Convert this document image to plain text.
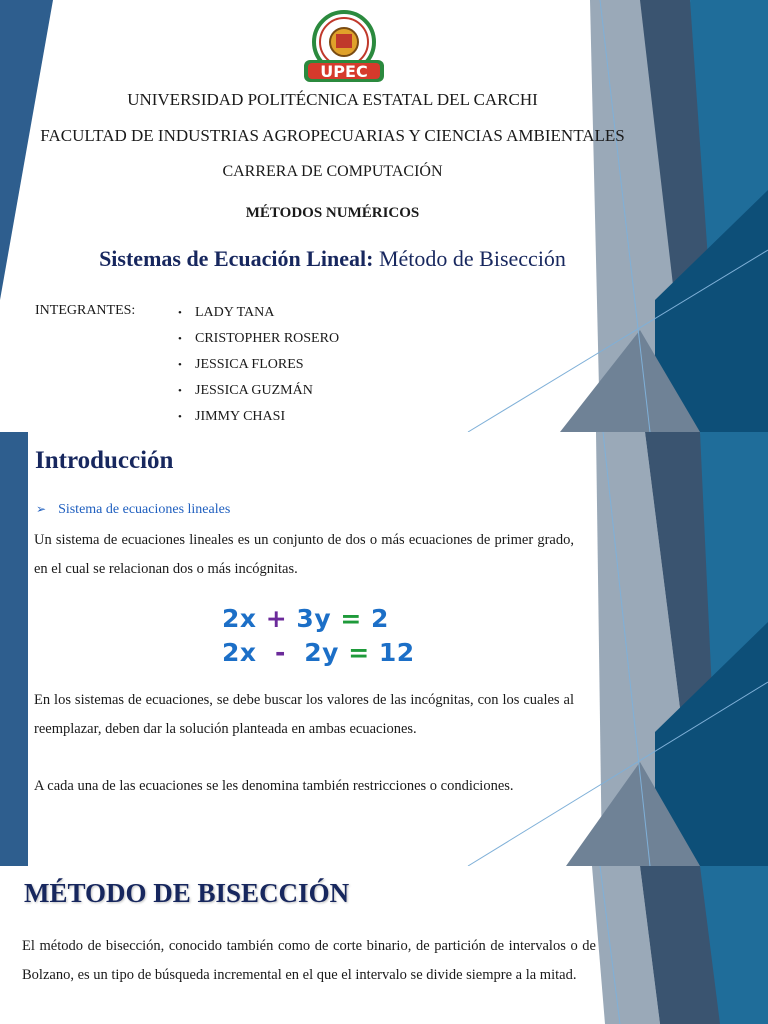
UPEC
UNIVERSIDAD POLITÉCNICA ESTATAL DEL CARCHI
FACULTAD DE INDUSTRIAS AGROPECUARIAS Y CIENCIAS AMBIENTALES
CARRERA DE COMPUTACIÓN
MÉTODOS NUMÉRICOS
Sistemas de Ecuación Lineal: Método de Bisección
INTEGRANTES:
•	LADY TANA
• CRISTOPHER ROSERO
• JESSICA FLORES
• JESSICA GUZMÁN
• JIMMY CHASI
Introducción
➢ Sistema de ecuaciones lineales
Un sistema de ecuaciones lineales es un conjunto de dos o más ecuaciones de primer grado, en el cual se relacionan dos o más incógnitas.
2x + 3y = 2
2x  -  2y = 12
En los sistemas de ecuaciones, se debe buscar los valores de las incógnitas, con los cuales al reemplazar, deben dar la solución planteada en ambas ecuaciones.
A cada una de las ecuaciones se les denomina también restricciones o condiciones.
MÉTODO DE BISECCIÓN
El método de bisección, conocido también como de corte binario, de partición de intervalos o de Bolzano, es un tipo de búsqueda incremental en el que el intervalo se divide siempre a la mitad.
